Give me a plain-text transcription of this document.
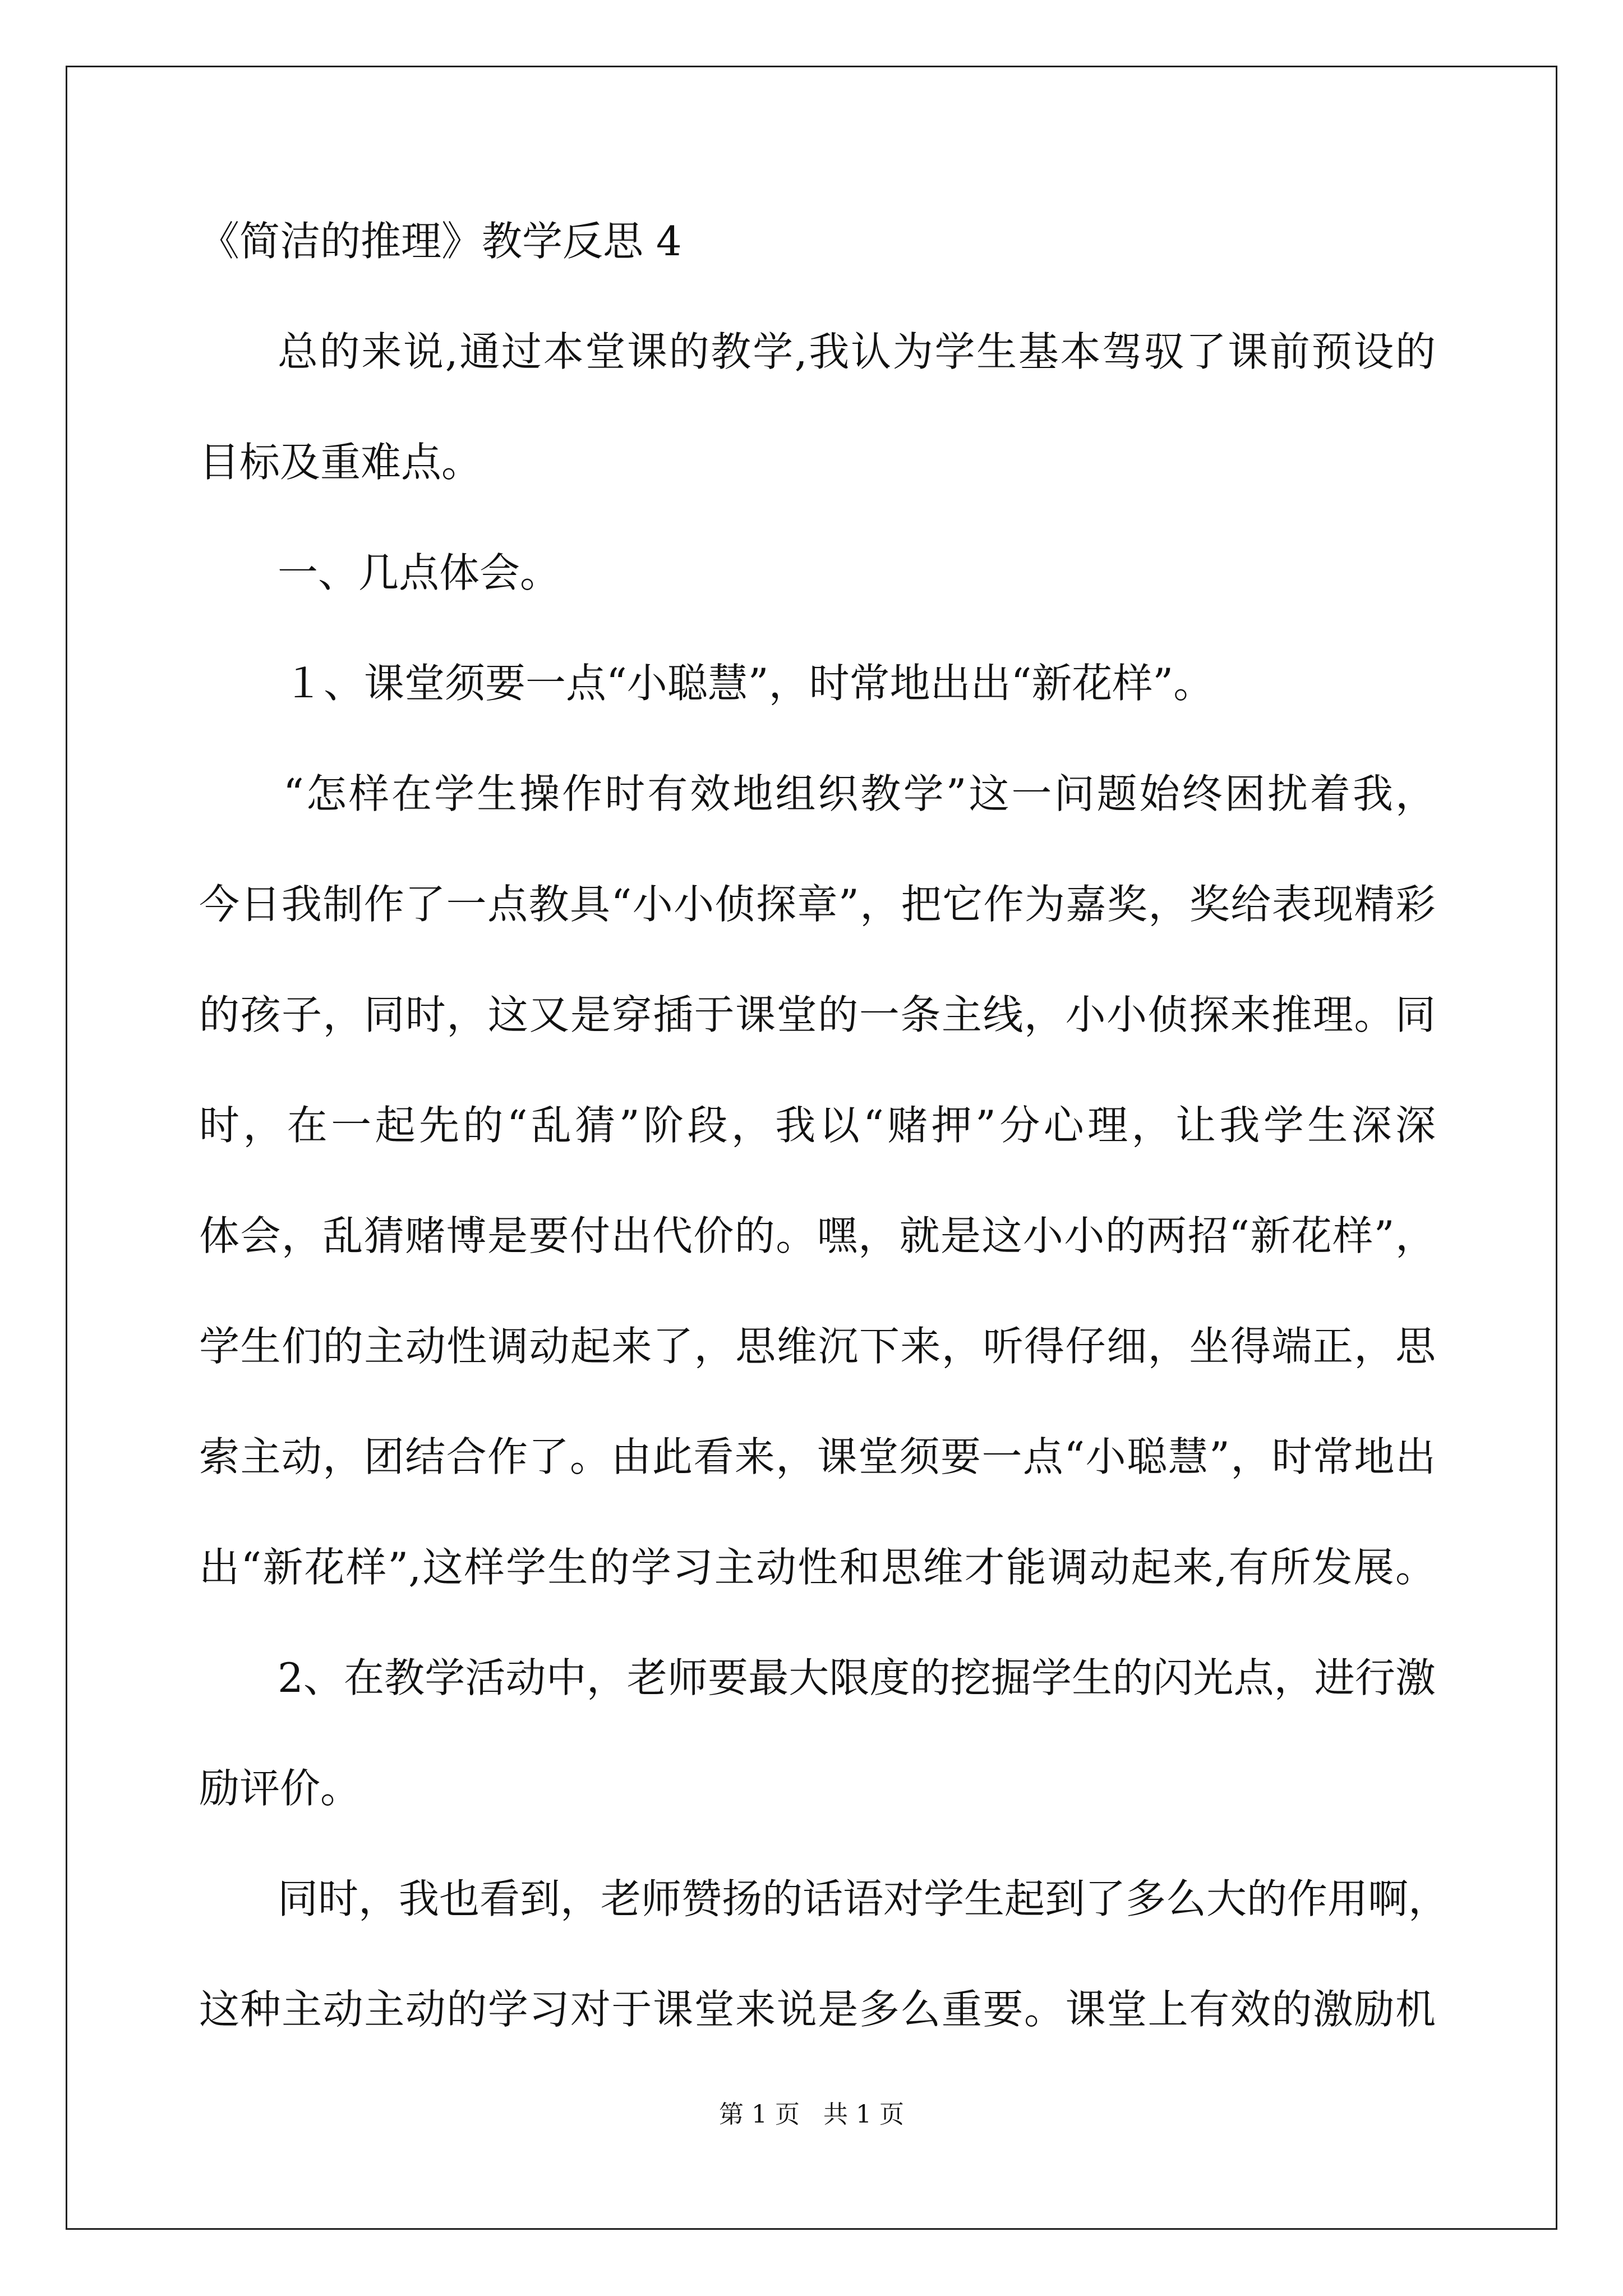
《简洁的推理》教学反思 4
总的来说,通过本堂课的教学,我认为学生基本驾驭了课前预设的
目标及重难点。
一、几点体会。
１、课堂须要一点“小聪慧”，时常地出出“新花样”。
“怎样在学生操作时有效地组织教学”这一问题始终困扰着我，
今日我制作了一点教具“小小侦探章”，把它作为嘉奖，奖给表现精彩
的孩子，同时，这又是穿插于课堂的一条主线，小小侦探来推理。同
时，在一起先的“乱猜”阶段，我以“赌押”分心理，让我学生深深
体会，乱猜赌博是要付出代价的。嘿，就是这小小的两招“新花样”，
学生们的主动性调动起来了，思维沉下来，听得仔细，坐得端正，思
索主动，团结合作了。由此看来，课堂须要一点“小聪慧”，时常地出
出“新花样”,这样学生的学习主动性和思维才能调动起来,有所发展。
2、在教学活动中，老师要最大限度的挖掘学生的闪光点，进行激
励评价。
同时，我也看到，老师赞扬的话语对学生起到了多么大的作用啊，
这种主动主动的学习对于课堂来说是多么重要。课堂上有效的激励机
第 1 页   共 1 页
